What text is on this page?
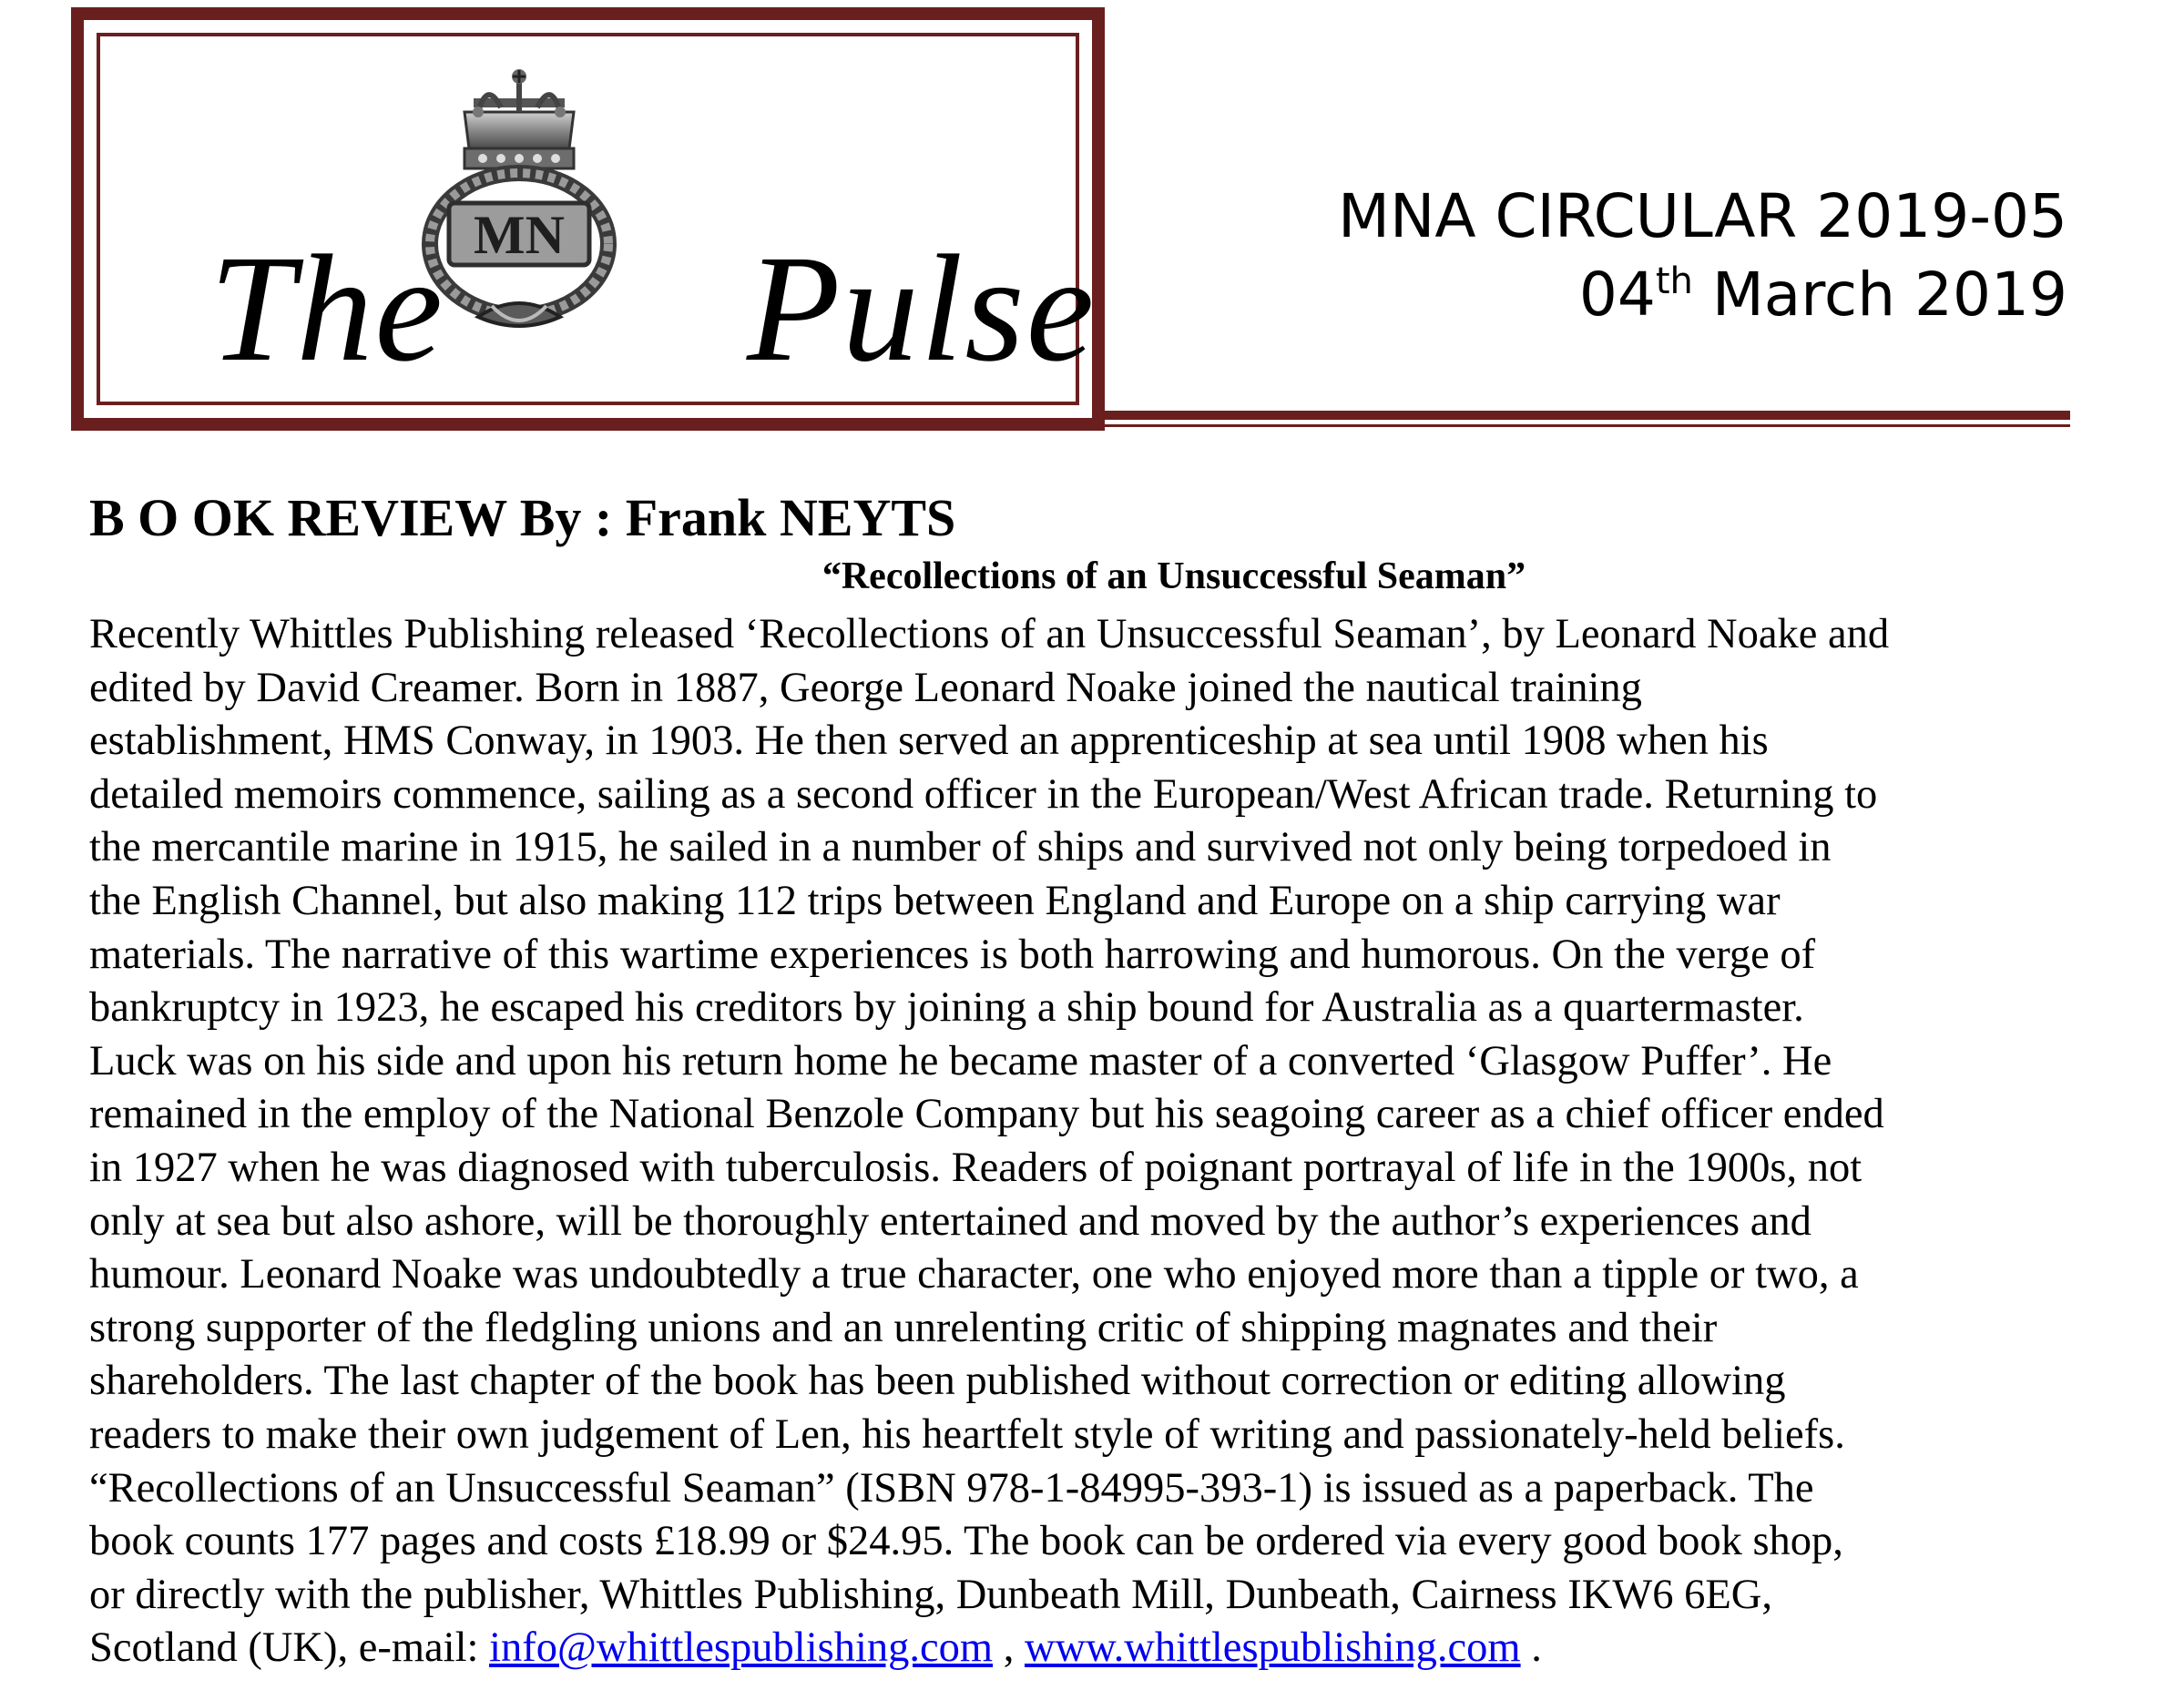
The Pulse
MN	MNA CIRCULAR 2019-05
04th March 2019
B O OK REVIEW By : Frank NEYTS
“Recollections of an Unsuccessful Seaman”
Recently Whittles Publishing released ‘Recollections of an Unsuccessful Seaman’, by Leonard Noake and
edited by David Creamer. Born in 1887, George Leonard Noake joined the nautical training
establishment, HMS Conway, in 1903. He then served an apprenticeship at sea until 1908 when his
detailed memoirs commence, sailing as a second officer in the European/West African trade. Returning to
the mercantile marine in 1915, he sailed in a number of ships and survived not only being torpedoed in
the English Channel, but also making 112 trips between England and Europe on a ship carrying war
materials. The narrative of this wartime experiences is both harrowing and humorous. On the verge of
bankruptcy in 1923, he escaped his creditors by joining a ship bound for Australia as a quartermaster.
Luck was on his side and upon his return home he became master of a converted ‘Glasgow Puffer’. He
remained in the employ of the National Benzole Company but his seagoing career as a chief officer ended
in 1927 when he was diagnosed with tuberculosis. Readers of poignant portrayal of life in the 1900s, not
only at sea but also ashore, will be thoroughly entertained and moved by the author’s experiences and
humour. Leonard Noake was undoubtedly a true character, one who enjoyed more than a tipple or two, a
strong supporter of the fledgling unions and an unrelenting critic of shipping magnates and their
shareholders. The last chapter of the book has been published without correction or editing allowing
readers to make their own judgement of Len, his heartfelt style of writing and passionately-held beliefs.
“Recollections of an Unsuccessful Seaman” (ISBN 978-1-84995-393-1) is issued as a paperback. The
book counts 177 pages and costs £18.99 or $24.95. The book can be ordered via every good book shop,
or directly with the publisher, Whittles Publishing, Dunbeath Mill, Dunbeath, Cairness IKW6 6EG,
Scotland (UK), e-mail: info@whittlespublishing.com , www.whittlespublishing.com .
